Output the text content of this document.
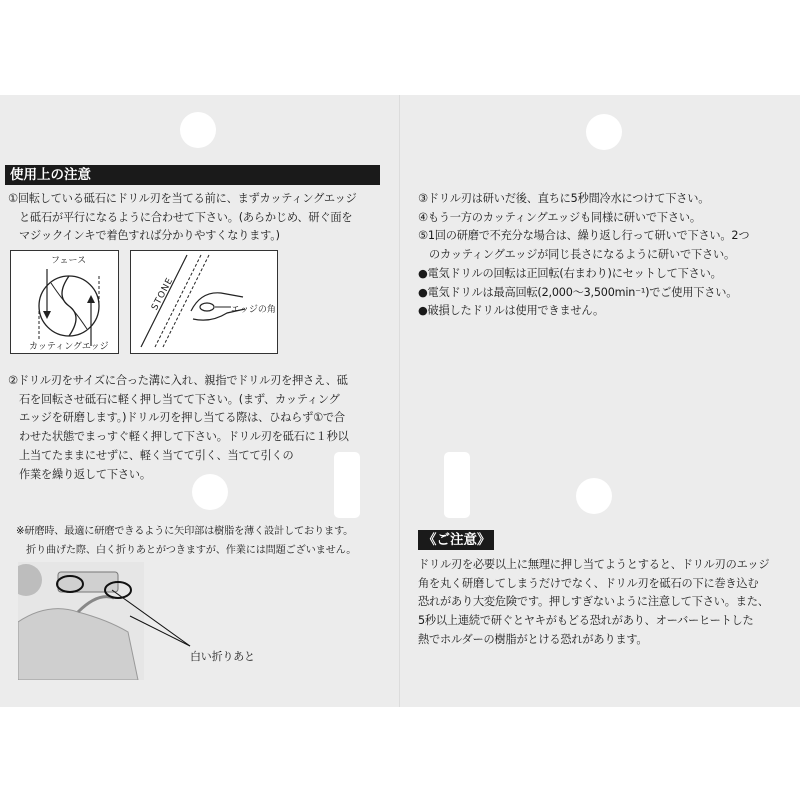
使用上の注意
①回転している砥石にドリル刃を当てる前に、まずカッティングエッジ
　と砥石が平行になるように合わせて下さい。(あらかじめ、研ぐ面を
　マジックインキで着色すれば分かりやすくなります。)
フェース
カッティングエッジ
STONE	エッジの角
②ドリル刃をサイズに合った溝に入れ、親指でドリル刃を押さえ、砥
　石を回転させ砥石に軽く押し当てて下さい。(まず、カッティング
　エッジを研磨します。)ドリル刃を押し当てる際は、ひねらず①で合
　わせた状態でまっすぐ軽く押して下さい。ドリル刃を砥石に１秒以
　上当てたままにせずに、軽く当てて引く、当てて引くの
　作業を繰り返して下さい。
※研磨時、最適に研磨できるように矢印部は樹脂を薄く設計しております。
　折り曲げた際、白く折りあとがつきますが、作業には問題ございません。
白い折りあと
③ドリル刃は研いだ後、直ちに5秒間冷水につけて下さい。
④もう一方のカッティングエッジも同様に研いで下さい。
⑤1回の研磨で不充分な場合は、繰り返し行って研いで下さい。2つ
　のカッティングエッジが同じ長さになるように研いで下さい。
●電気ドリルの回転は正回転(右まわり)にセットして下さい。
●電気ドリルは最高回転(2,000〜3,500min⁻¹)でご使用下さい。
●破損したドリルは使用できません。
《ご注意》
ドリル刃を必要以上に無理に押し当てようとすると、ドリル刃のエッジ
角を丸く研磨してしまうだけでなく、ドリル刃を砥石の下に巻き込む
恐れがあり大変危険です。押しすぎないように注意して下さい。また、
5秒以上連続で研ぐとヤキがもどる恐れがあり、オーバーヒートした
熱でホルダーの樹脂がとける恐れがあります。
